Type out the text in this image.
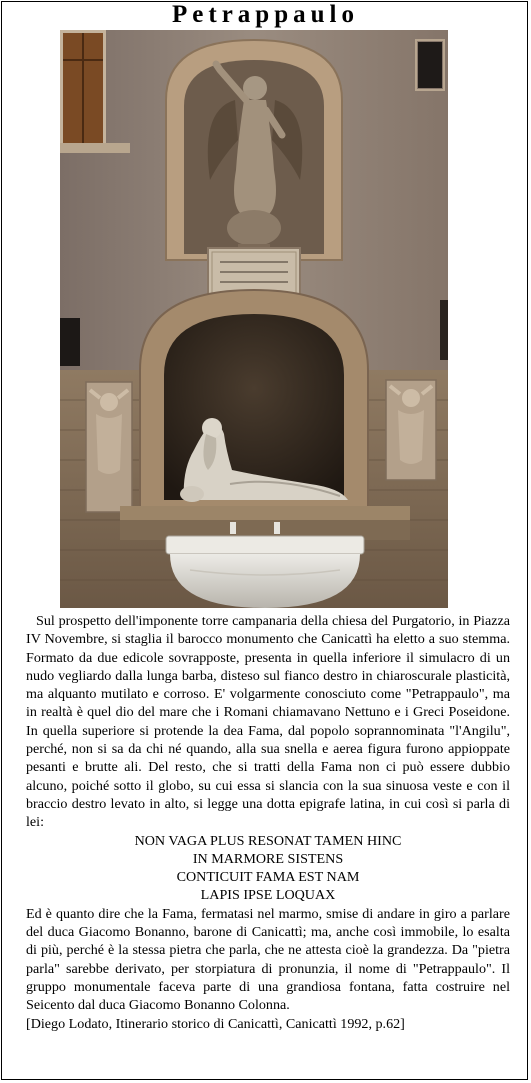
Petrappaulo

Sul prospetto dell'imponente torre campanaria della chiesa del Purgatorio, in Piazza IV Novembre, si staglia il barocco monumento che Canicattì ha eletto a suo stemma. Formato da due edicole sovrapposte, presenta in quella inferiore il simulacro di un nudo vegliardo dalla lunga barba, disteso sul fianco destro in chiaroscurale plasticità, ma alquanto mutilato e corroso. E' volgarmente conosciuto come "Petrappaulo", ma in realtà è quel dio del mare che i Romani chiamavano Nettuno e i Greci Poseidone. In quella superiore si protende la dea Fama, dal popolo soprannominata "l'Angilu", perché, non si sa da chi né quando, alla sua snella e aerea figura furono appioppate pesanti e brutte ali. Del resto, che si tratti della Fama non ci può essere dubbio alcuno, poiché sotto il globo, su cui essa si slancia con la sua sinuosa veste e con il braccio destro levato in alto, si legge una dotta epigrafe latina, in cui così si parla di lei:

NON VAGA PLUS RESONAT TAMEN HINC
IN MARMORE SISTENS
CONTICUIT FAMA EST NAM
LAPIS IPSE LOQUAX

Ed è quanto dire che la Fama, fermatasi nel marmo, smise di andare in giro a parlare del duca Giacomo Bonanno, barone di Canicattì; ma, anche così immobile, lo esalta di più, perché è la stessa pietra che parla, che ne attesta cioè la grandezza. Da "pietra parla" sarebbe derivato, per storpiatura di pronunzia, il nome di "Petrappaulo". Il gruppo monumentale faceva parte di una grandiosa fontana, fatta costruire nel Seicento dal duca Giacomo Bonanno Colonna.

[Diego Lodato, Itinerario storico di Canicattì, Canicattì 1992, p.62]
